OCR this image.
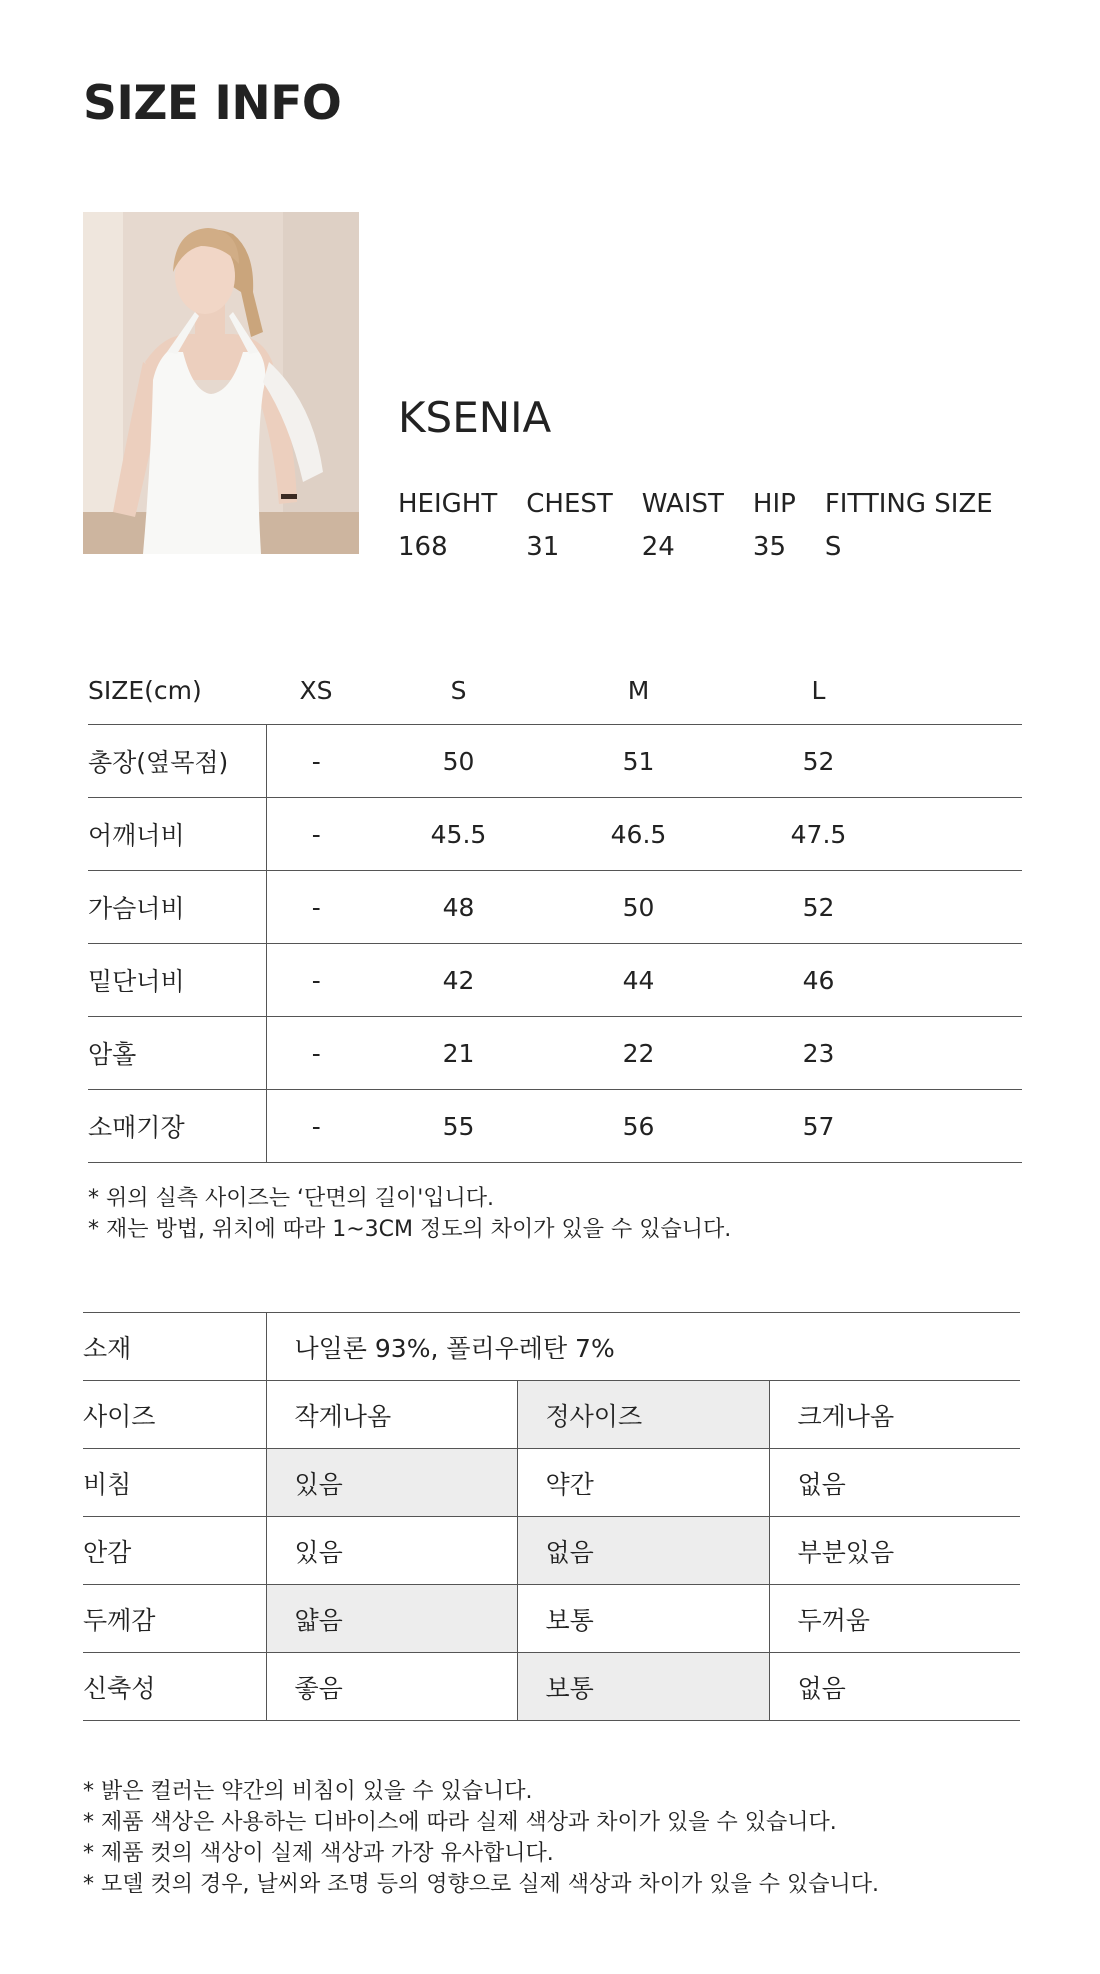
SIZE INFO
KSENIA
HEIGHT	CHEST	WAIST	HIP	FITTING SIZE
168	31	24	35	S
SIZE(cm)	XS	S	M	L	
총장(옆목점)	-	50	51	52	
어깨너비	-	45.5	46.5	47.5	
가슴너비	-	48	50	52	
밑단너비	-	42	44	46	
암홀	-	21	22	23	
소매기장	-	55	56	57	
* 위의 실측 사이즈는 ‘단면의 길이'입니다.
* 재는 방법, 위치에 따라 1~3CM 정도의 차이가 있을 수 있습니다.
소재	나일론 93%, 폴리우레탄 7%		
사이즈	작게나옴	정사이즈	크게나옴
비침	있음	약간	없음
안감	있음	없음	부분있음
두께감	얇음	보통	두꺼움
신축성	좋음	보통	없음
* 밝은 컬러는 약간의 비침이 있을 수 있습니다.
* 제품 색상은 사용하는 디바이스에 따라 실제 색상과 차이가 있을 수 있습니다.
* 제품 컷의 색상이 실제 색상과 가장 유사합니다.
* 모델 컷의 경우, 날씨와 조명 등의 영향으로 실제 색상과 차이가 있을 수 있습니다.
